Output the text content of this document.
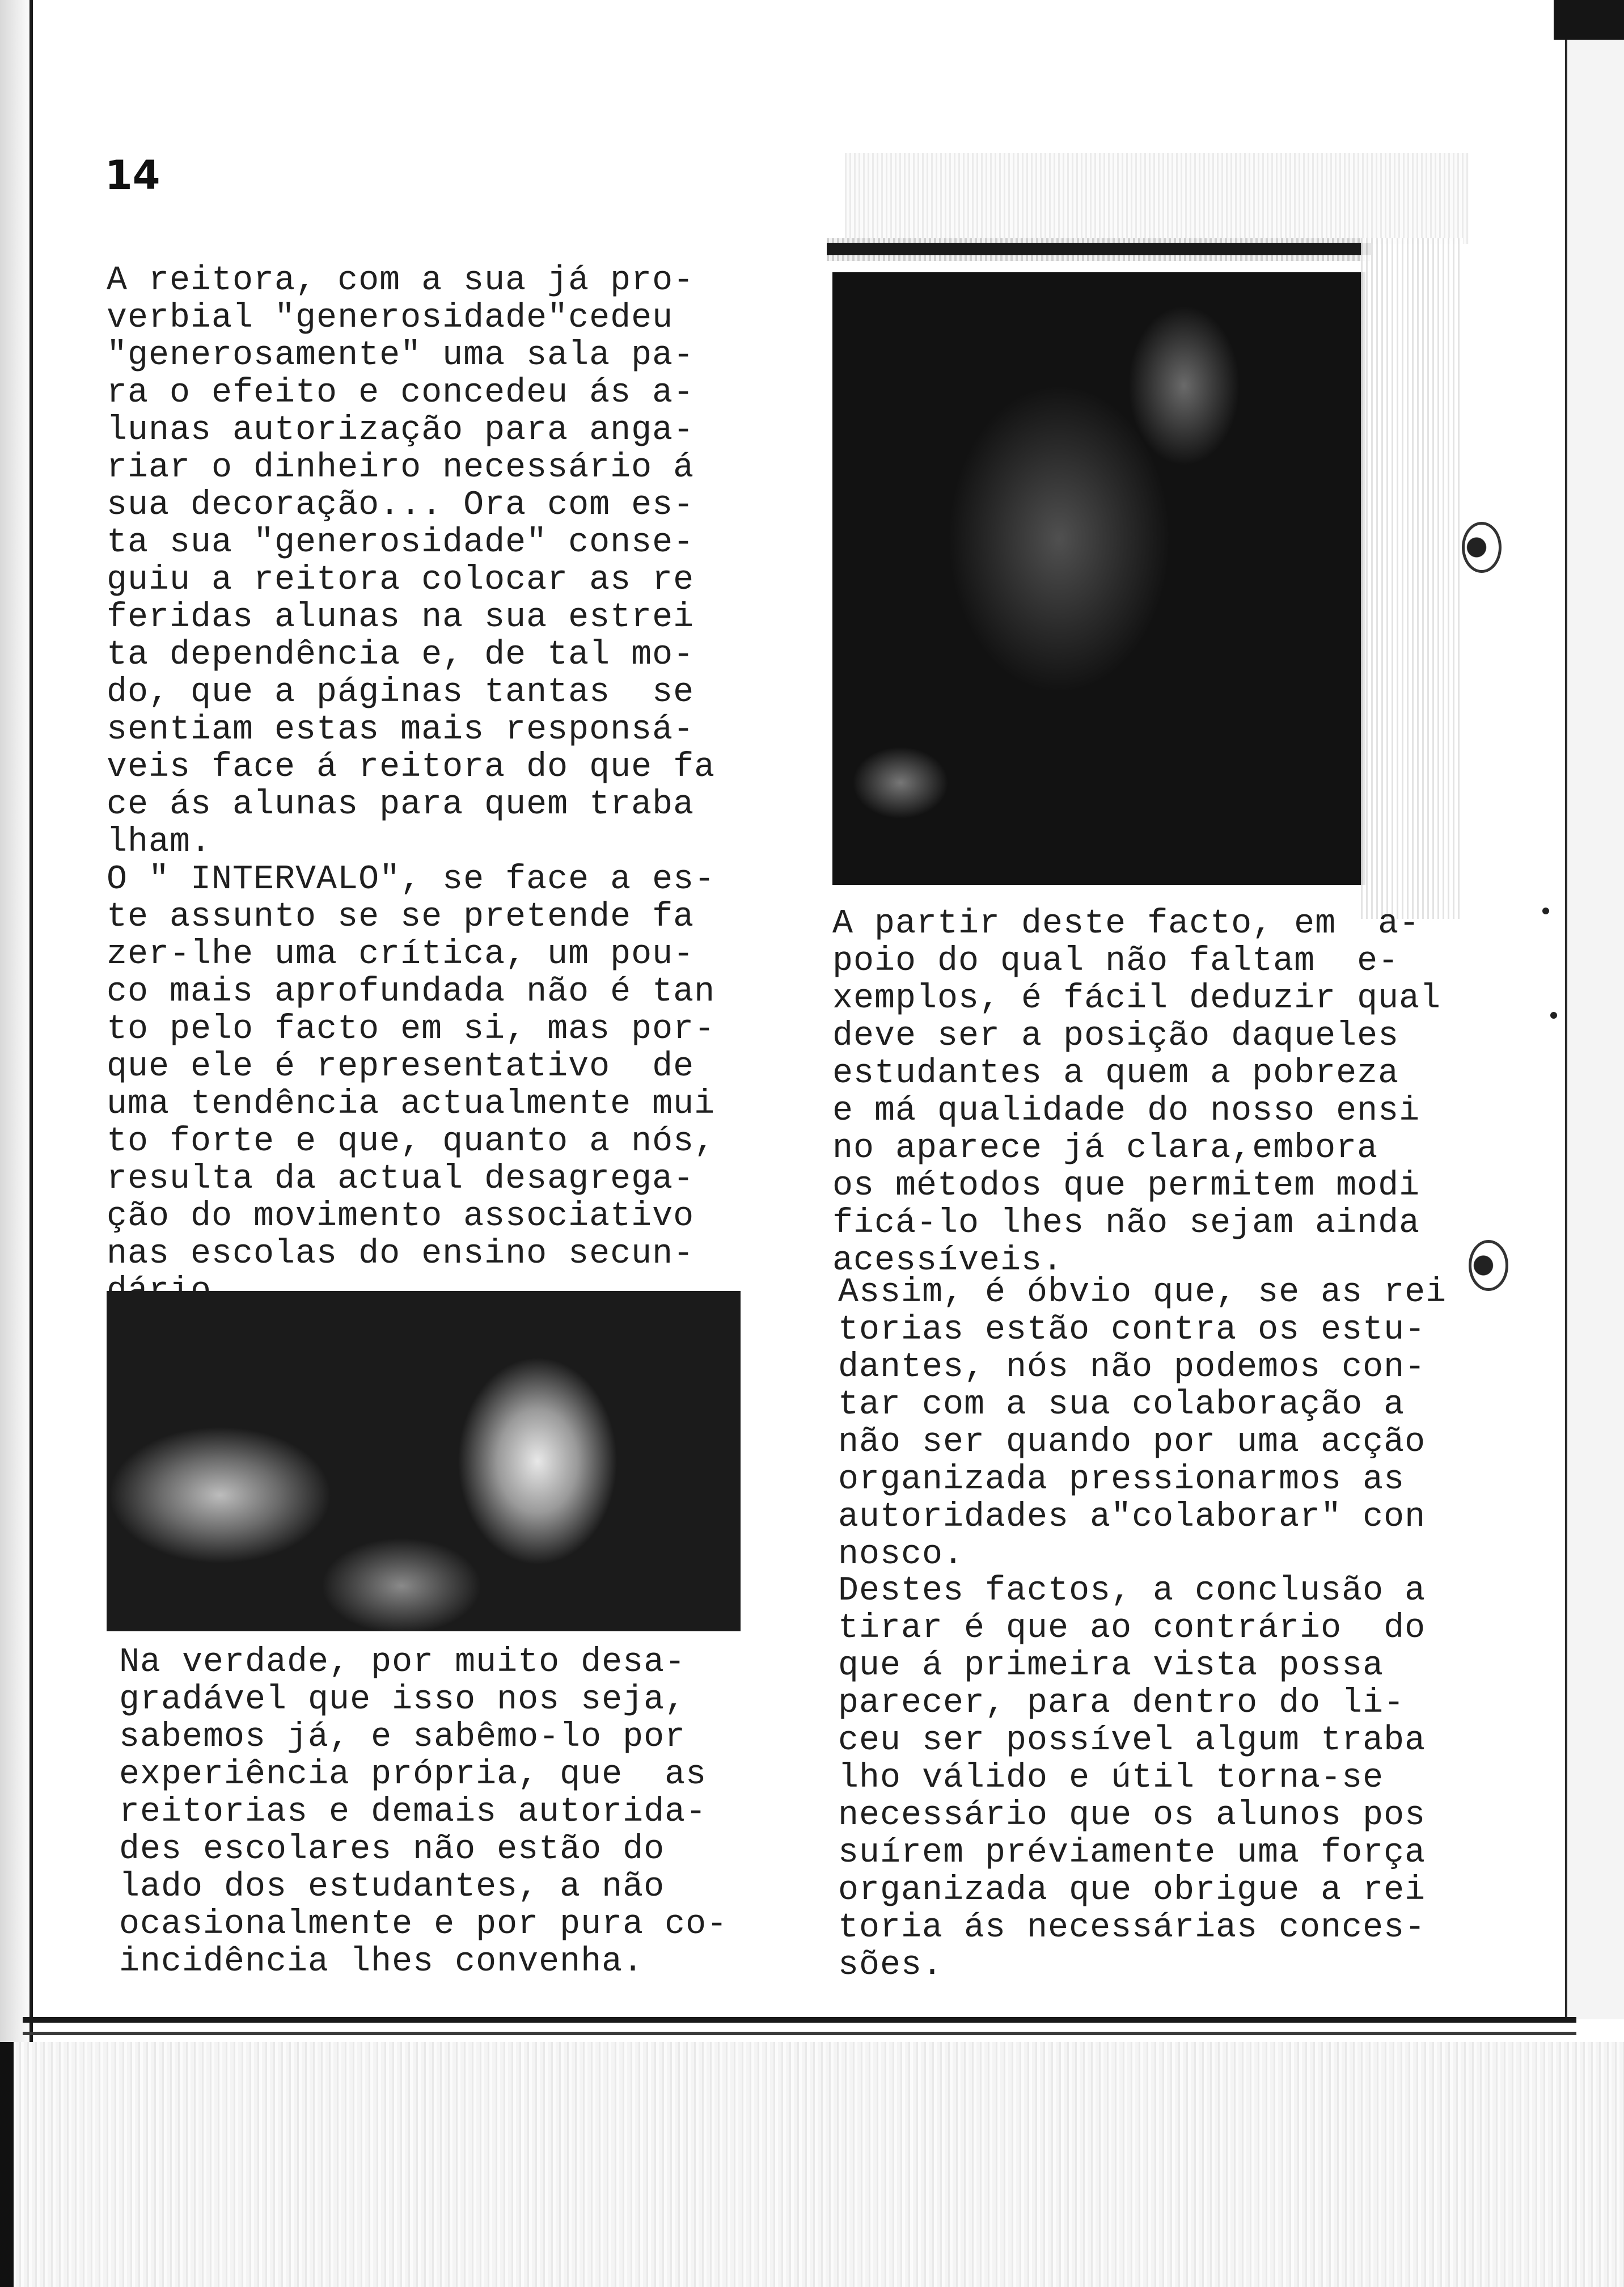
14
A reitora, com a sua já pro-
verbial "generosidade"cedeu
"generosamente" uma sala pa-
ra o efeito e concedeu ás a-
lunas autorização para anga-
riar o dinheiro necessário á
sua decoração... Ora com es-
ta sua "generosidade" conse-
guiu a reitora colocar as re
feridas alunas na sua estrei
ta dependência e, de tal mo-
do, que a páginas tantas  se
sentiam estas mais responsá-
veis face á reitora do que fa
ce ás alunas para quem traba
lham.
O " INTERVALO", se face a es-
te assunto se se pretende fa
zer-lhe uma crítica, um pou-
co mais aprofundada não é tan
to pelo facto em si, mas por-
que ele é representativo  de
uma tendência actualmente mui
to forte e que, quanto a nós,
resulta da actual desagrega-
ção do movimento associativo
nas escolas do ensino secun-

Na verdade, por muito desa-
gradável que isso nos seja,
sabemos já, e sabêmo-lo por
experiência própria, que  as
reitorias e demais autorida-
des escolares não estão do
lado dos estudantes, a não
ocasionalmente e por pura co-
incidência lhes convenha.
A partir deste facto, em  a-
poio do qual não faltam  e-
xemplos, é fácil deduzir qual
deve ser a posição daqueles
estudantes a quem a pobreza
e má qualidade do nosso ensi
no aparece já clara,embora
os métodos que permitem modi
ficá-lo lhes não sejam ainda
acessíveis.
Assim, é óbvio que, se as rei
torias estão contra os estu-
dantes, nós não podemos con-
tar com a sua colaboração a
não ser quando por uma acção
organizada pressionarmos as
autoridades a"colaborar" con
nosco.
Destes factos, a conclusão a
tirar é que ao contrário  do
que á primeira vista possa
parecer, para dentro do li-
ceu ser possível algum traba
lho válido e útil torna-se
necessário que os alunos pos
suírem préviamente uma força
organizada que obrigue a rei
toria ás necessárias conces-
sões.
